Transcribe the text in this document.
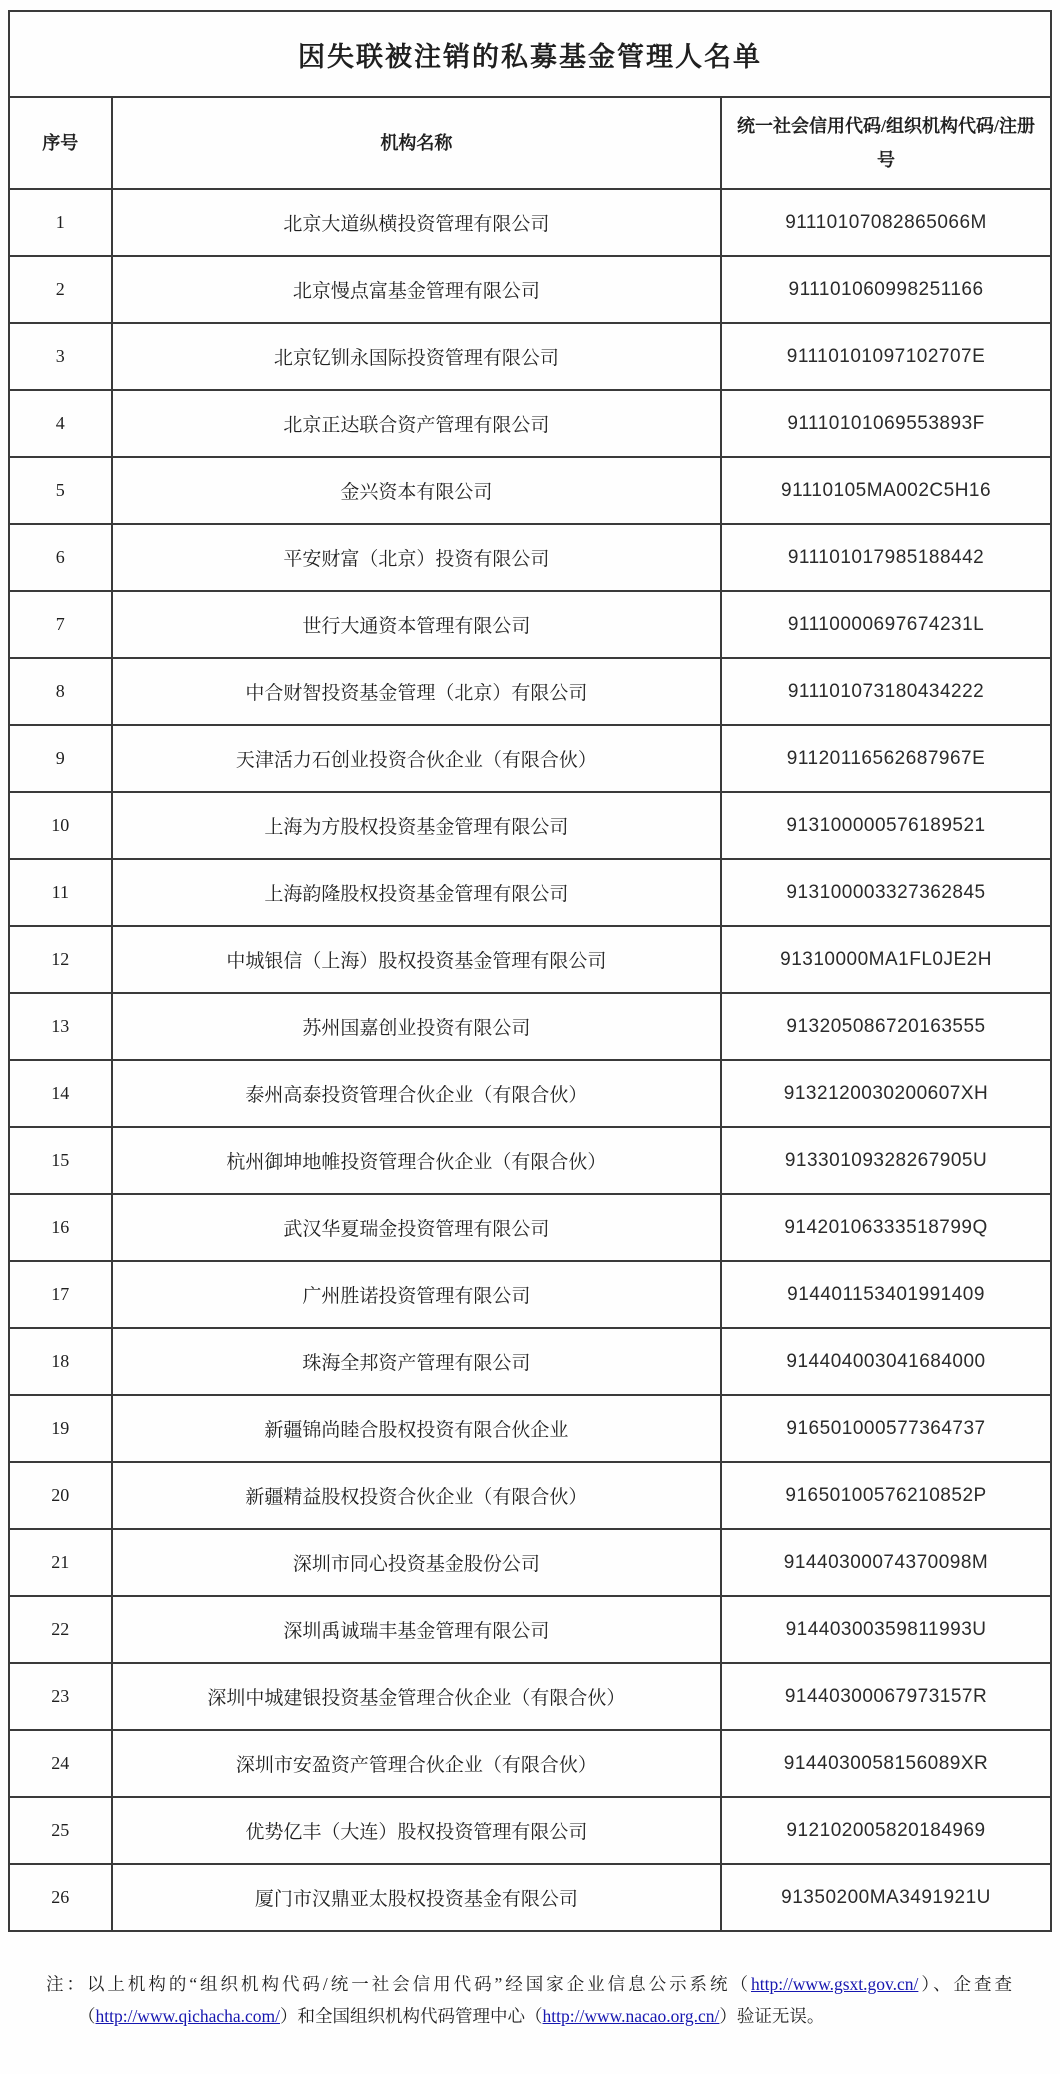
因失联被注销的私募基金管理人名单		
序号	机构名称	统一社会信用代码/组织机构代码/注册号
1	北京大道纵横投资管理有限公司	91110107082865066M
2	北京慢点富基金管理有限公司	911101060998251166
3	北京钇钏永国际投资管理有限公司	91110101097102707E
4	北京正达联合资产管理有限公司	91110101069553893F
5	金兴资本有限公司	91110105MA002C5H16
6	平安财富（北京）投资有限公司	911101017985188442
7	世行大通资本管理有限公司	91110000697674231L
8	中合财智投资基金管理（北京）有限公司	911101073180434222
9	天津活力石创业投资合伙企业（有限合伙）	91120116562687967E
10	上海为方股权投资基金管理有限公司	913100000576189521
11	上海韵隆股权投资基金管理有限公司	913100003327362845
12	中城银信（上海）股权投资基金管理有限公司	91310000MA1FL0JE2H
13	苏州国嘉创业投资有限公司	913205086720163555
14	泰州高泰投资管理合伙企业（有限合伙）	9132120030200607XH
15	杭州御坤地帷投资管理合伙企业（有限合伙）	91330109328267905U
16	武汉华夏瑞金投资管理有限公司	91420106333518799Q
17	广州胜诺投资管理有限公司	914401153401991409
18	珠海全邦资产管理有限公司	914404003041684000
19	新疆锦尚睦合股权投资有限合伙企业	916501000577364737
20	新疆精益股权投资合伙企业（有限合伙）	91650100576210852P
21	深圳市同心投资基金股份公司	91440300074370098M
22	深圳禹诚瑞丰基金管理有限公司	91440300359811993U
23	深圳中城建银投资基金管理合伙企业（有限合伙）	91440300067973157R
24	深圳市安盈资产管理合伙企业（有限合伙）	9144030058156089XR
25	优势亿丰（大连）股权投资管理有限公司	912102005820184969
26	厦门市汉鼎亚太股权投资基金有限公司	91350200MA3491921U
注：以上机构的“组织机构代码/统一社会信用代码”经国家企业信息公示系统（http://www.gsxt.gov.cn/）、企查查（http://www.qichacha.com/）和全国组织机构代码管理中心（http://www.nacao.org.cn/）验证无误。
